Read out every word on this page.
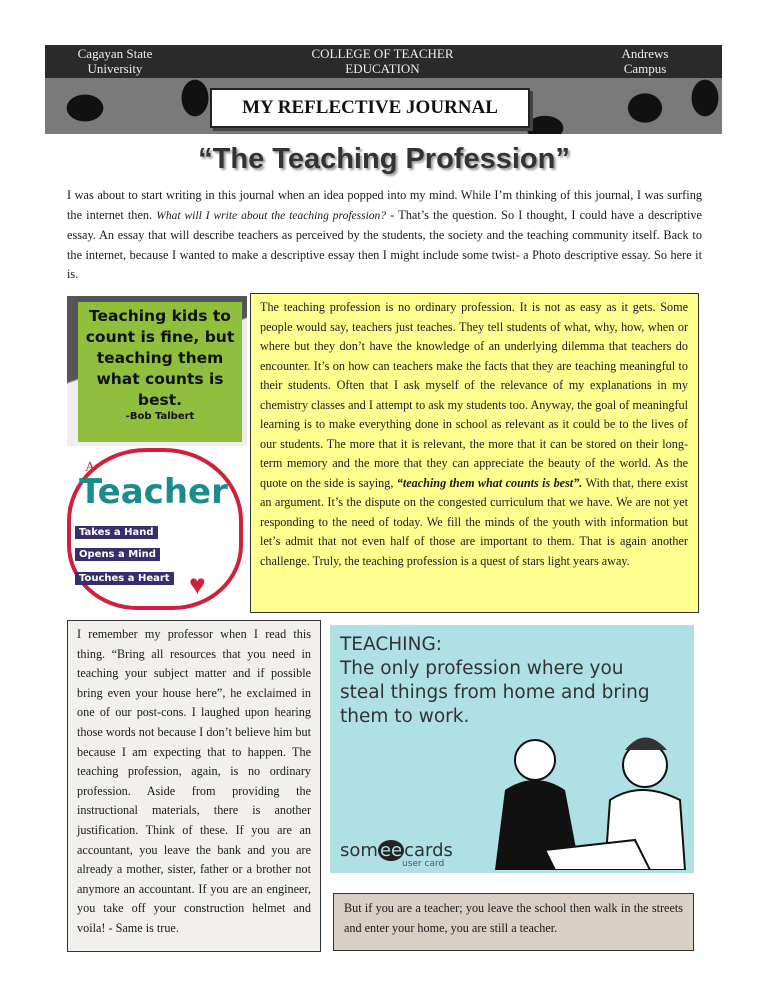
Cagayan State University
COLLEGE OF TEACHER EDUCATION
Andrews Campus
MY REFLECTIVE JOURNAL
“The Teaching Profession”
I was about to start writing in this journal when an idea popped into my mind. While I’m thinking of this journal, I was surfing the internet then. What will I write about the teaching profession? - That’s the question. So I thought, I could have a descriptive essay. An essay that will describe teachers as perceived by the students, the society and the teaching community itself. Back to the internet, because I wanted to make a descriptive essay then I might include some twist- a Photo descriptive essay. So here it is.
Teaching kids to count is fine, but teaching them what counts is best.
-Bob Talbert
A
Teacher
Takes a Hand
Opens a Mind
Touches a Heart ♥
The teaching profession is no ordinary profession. It is not as easy as it gets. Some people would say, teachers just teaches. They tell students of what, why, how, when or where but they don’t have the knowledge of an underlying dilemma that teachers do encounter. It’s on how can teachers make the facts that they are teaching meaningful to their students. Often that I ask myself of the relevance of my explanations in my chemistry classes and I attempt to ask my students too. Anyway, the goal of meaningful learning is to make everything done in school as relevant as it could be to the lives of our students. The more that it is relevant, the more that it can be stored on their long-term memory and the more that they can appreciate the beauty of the world. As the quote on the side is saying, “teaching them what counts is best”. With that, there exist an argument. It’s the dispute on the congested curriculum that we have. We are not yet responding to the need of today. We fill the minds of the youth with information but let’s admit that not even half of those are important to them. That is again another challenge. Truly, the teaching profession is a quest of stars light years away.
I remember my professor when I read this thing. “Bring all resources that you need in teaching your subject matter and if possible bring even your house here”, he exclaimed in one of our post-cons. I laughed upon hearing those words not because I don’t believe him but because I am expecting that to happen. The teaching profession, again, is no ordinary profession. Aside from providing the instructional materials, there is another justification. Think of these. If you are an accountant, you leave the bank and you are already a mother, sister, father or a brother not anymore an accountant. If you are an engineer, you take off your construction helmet and voila! - Same is true.
TEACHING:
The only profession where you steal things from home and bring them to work.
som ee cards
user card
But if you are a teacher; you leave the school then walk in the streets and enter your home, you are still a teacher.
